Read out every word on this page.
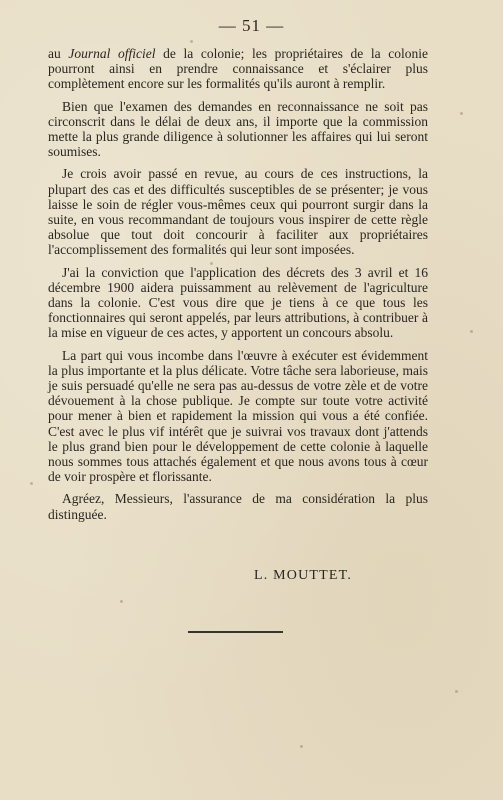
— 51 —

au Journal officiel de la colonie; les propriétaires de la colonie pourront ainsi en prendre connaissance et s'éclairer plus complètement encore sur les formalités qu'ils auront à remplir.

Bien que l'examen des demandes en reconnaissance ne soit pas circonscrit dans le délai de deux ans, il importe que la commission mette la plus grande diligence à solutionner les affaires qui lui seront soumises.

Je crois avoir passé en revue, au cours de ces instructions, la plupart des cas et des difficultés susceptibles de se présenter; je vous laisse le soin de régler vous-mêmes ceux qui pourront surgir dans la suite, en vous recommandant de toujours vous inspirer de cette règle absolue que tout doit concourir à faciliter aux propriétaires l'accomplissement des formalités qui leur sont imposées.

J'ai la conviction que l'application des décrets des 3 avril et 16 décembre 1900 aidera puissamment au relèvement de l'agriculture dans la colonie. C'est vous dire que je tiens à ce que tous les fonctionnaires qui seront appelés, par leurs attributions, à contribuer à la mise en vigueur de ces actes, y apportent un concours absolu.

La part qui vous incombe dans l'œuvre à exécuter est évidemment la plus importante et la plus délicate. Votre tâche sera laborieuse, mais je suis persuadé qu'elle ne sera pas au-dessus de votre zèle et de votre dévouement à la chose publique. Je compte sur toute votre activité pour mener à bien et rapidement la mission qui vous a été confiée. C'est avec le plus vif intérêt que je suivrai vos travaux dont j'attends le plus grand bien pour le développement de cette colonie à laquelle nous sommes tous attachés également et que nous avons tous à cœur de voir prospère et florissante.

Agréez, Messieurs, l'assurance de ma considération la plus distinguée.

L. MOUTTET.
